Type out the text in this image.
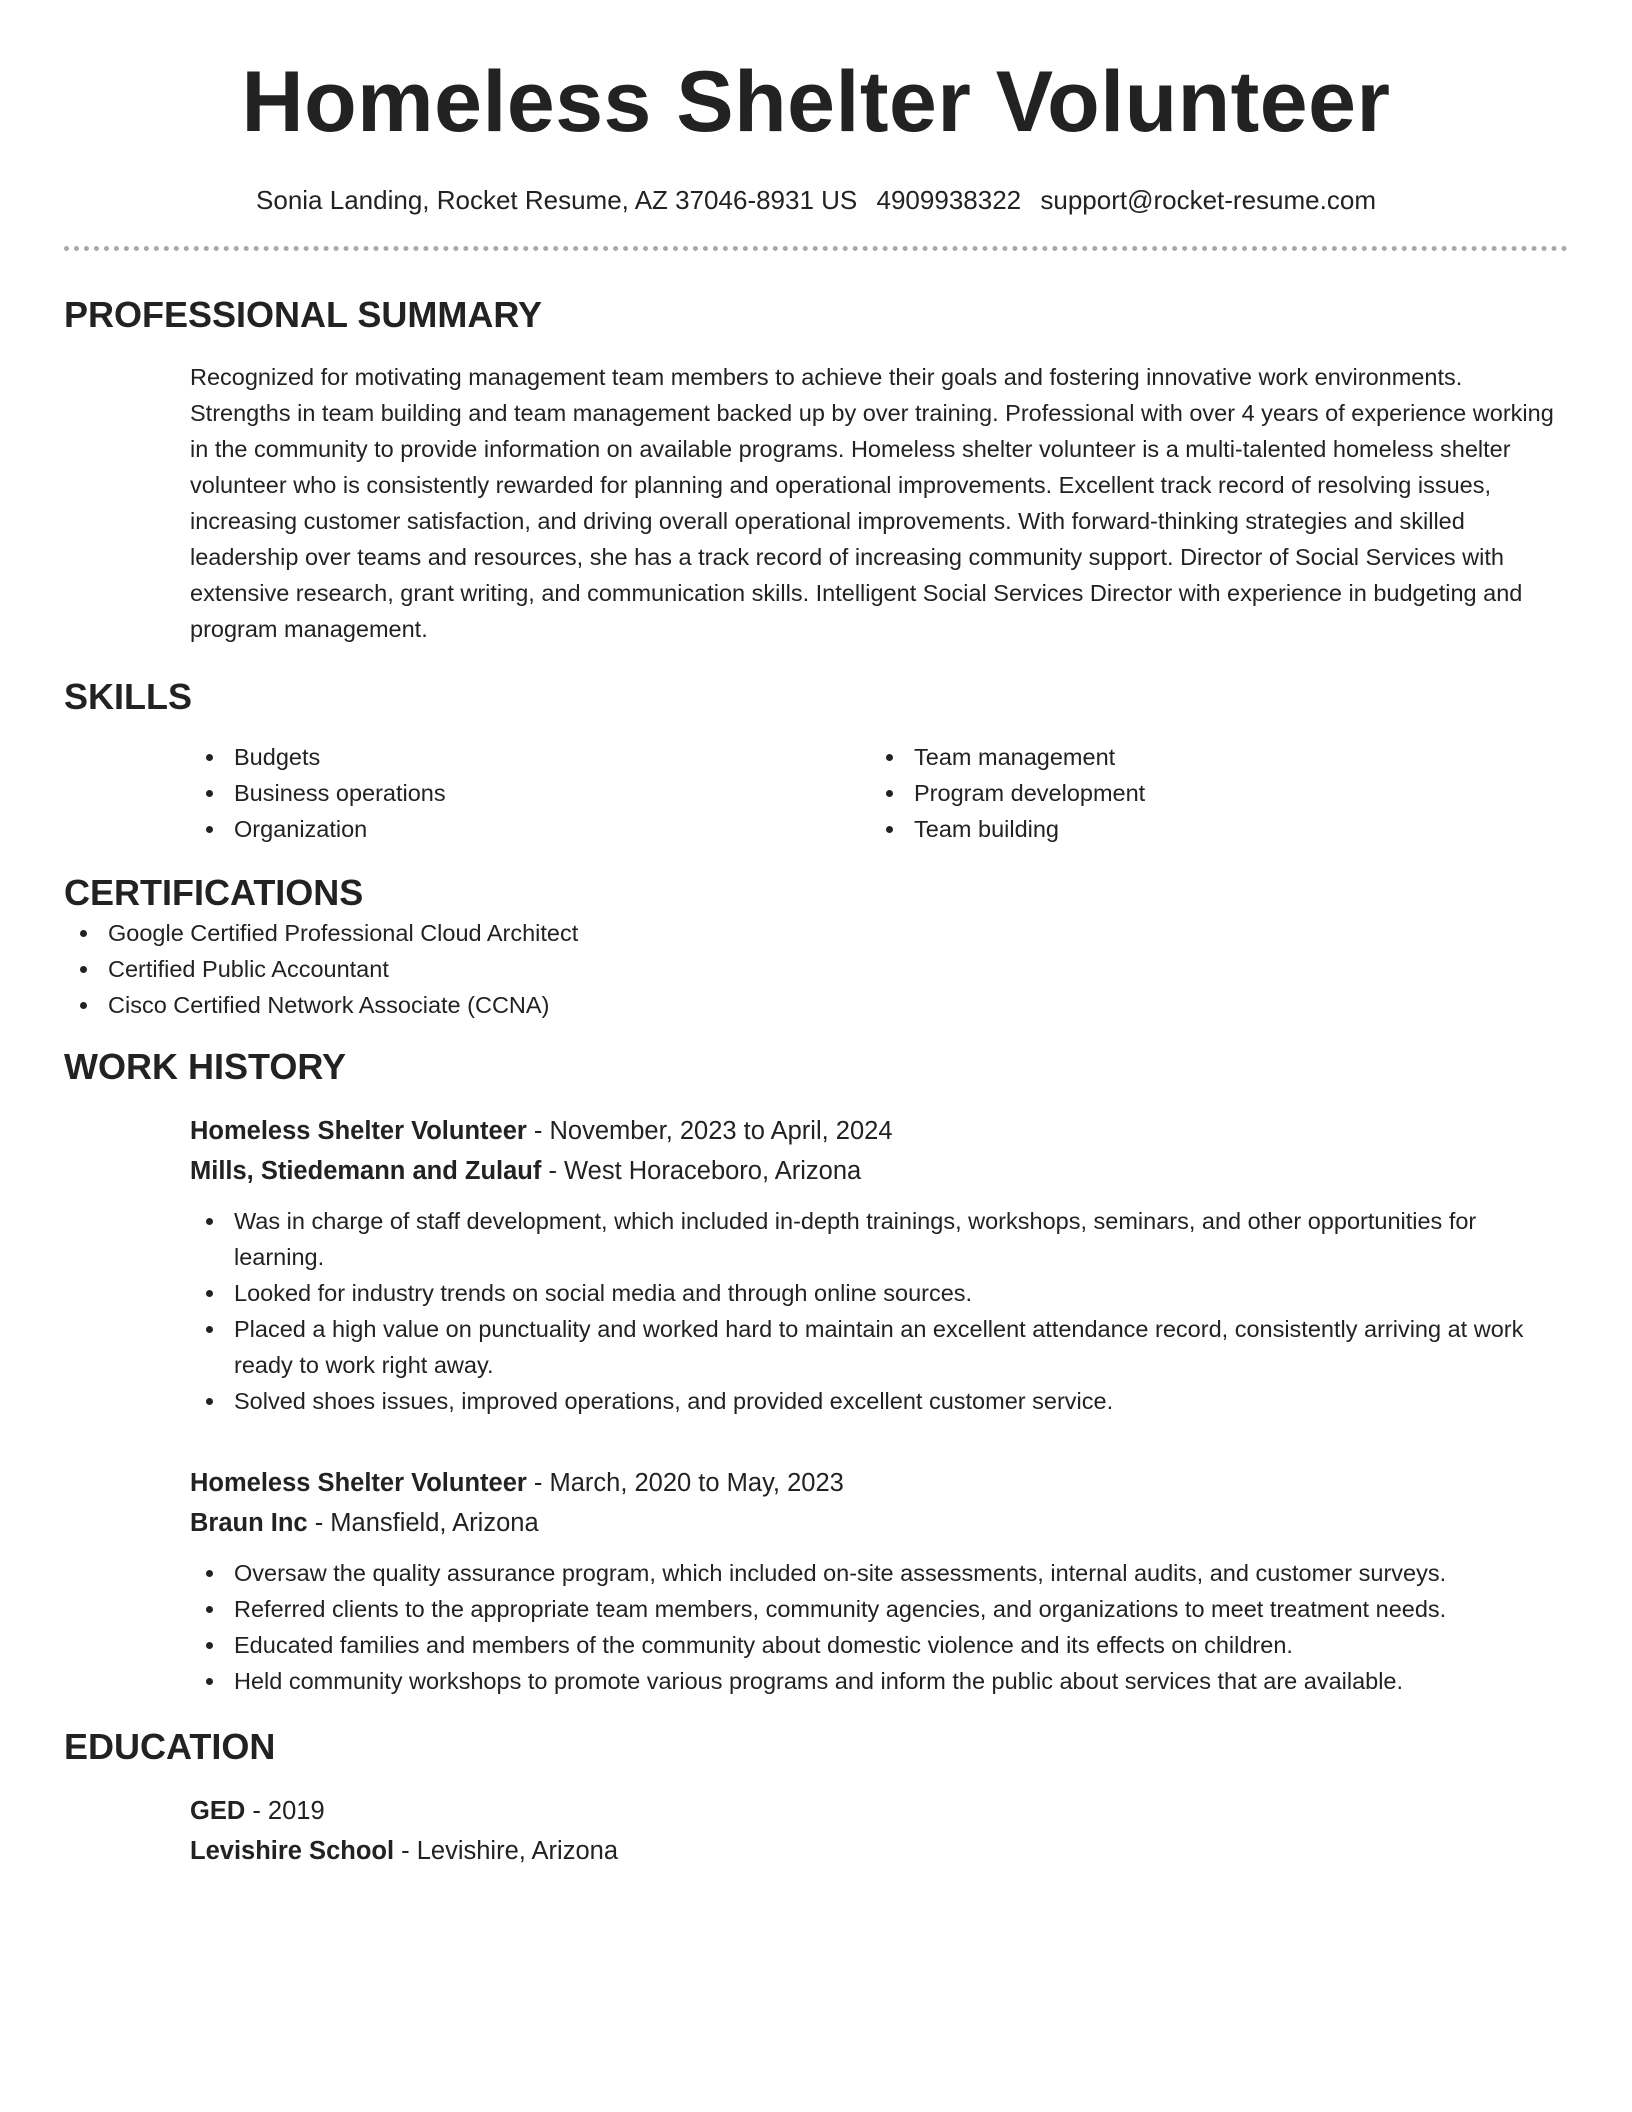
Homeless Shelter Volunteer
Sonia Landing, Rocket Resume, AZ 37046-8931 US 4909938322 support@rocket-resume.com
PROFESSIONAL SUMMARY
Recognized for motivating management team members to achieve their goals and fostering innovative work environments. Strengths in team building and team management backed up by over training. Professional with over 4 years of experience working in the community to provide information on available programs. Homeless shelter volunteer is a multi-talented homeless shelter volunteer who is consistently rewarded for planning and operational improvements. Excellent track record of resolving issues, increasing customer satisfaction, and driving overall operational improvements. With forward-thinking strategies and skilled leadership over teams and resources, she has a track record of increasing community support. Director of Social Services with extensive research, grant writing, and communication skills. Intelligent Social Services Director with experience in budgeting and program management.
SKILLS
Budgets
Business operations
Organization
Team management
Program development
Team building
CERTIFICATIONS
Google Certified Professional Cloud Architect
Certified Public Accountant
Cisco Certified Network Associate (CCNA)
WORK HISTORY
Homeless Shelter Volunteer - November, 2023 to April, 2024
Mills, Stiedemann and Zulauf - West Horaceboro, Arizona
Was in charge of staff development, which included in-depth trainings, workshops, seminars, and other opportunities for learning.
Looked for industry trends on social media and through online sources.
Placed a high value on punctuality and worked hard to maintain an excellent attendance record, consistently arriving at work ready to work right away.
Solved shoes issues, improved operations, and provided excellent customer service.
Homeless Shelter Volunteer - March, 2020 to May, 2023
Braun Inc - Mansfield, Arizona
Oversaw the quality assurance program, which included on-site assessments, internal audits, and customer surveys.
Referred clients to the appropriate team members, community agencies, and organizations to meet treatment needs.
Educated families and members of the community about domestic violence and its effects on children.
Held community workshops to promote various programs and inform the public about services that are available.
EDUCATION
GED - 2019
Levishire School - Levishire, Arizona
